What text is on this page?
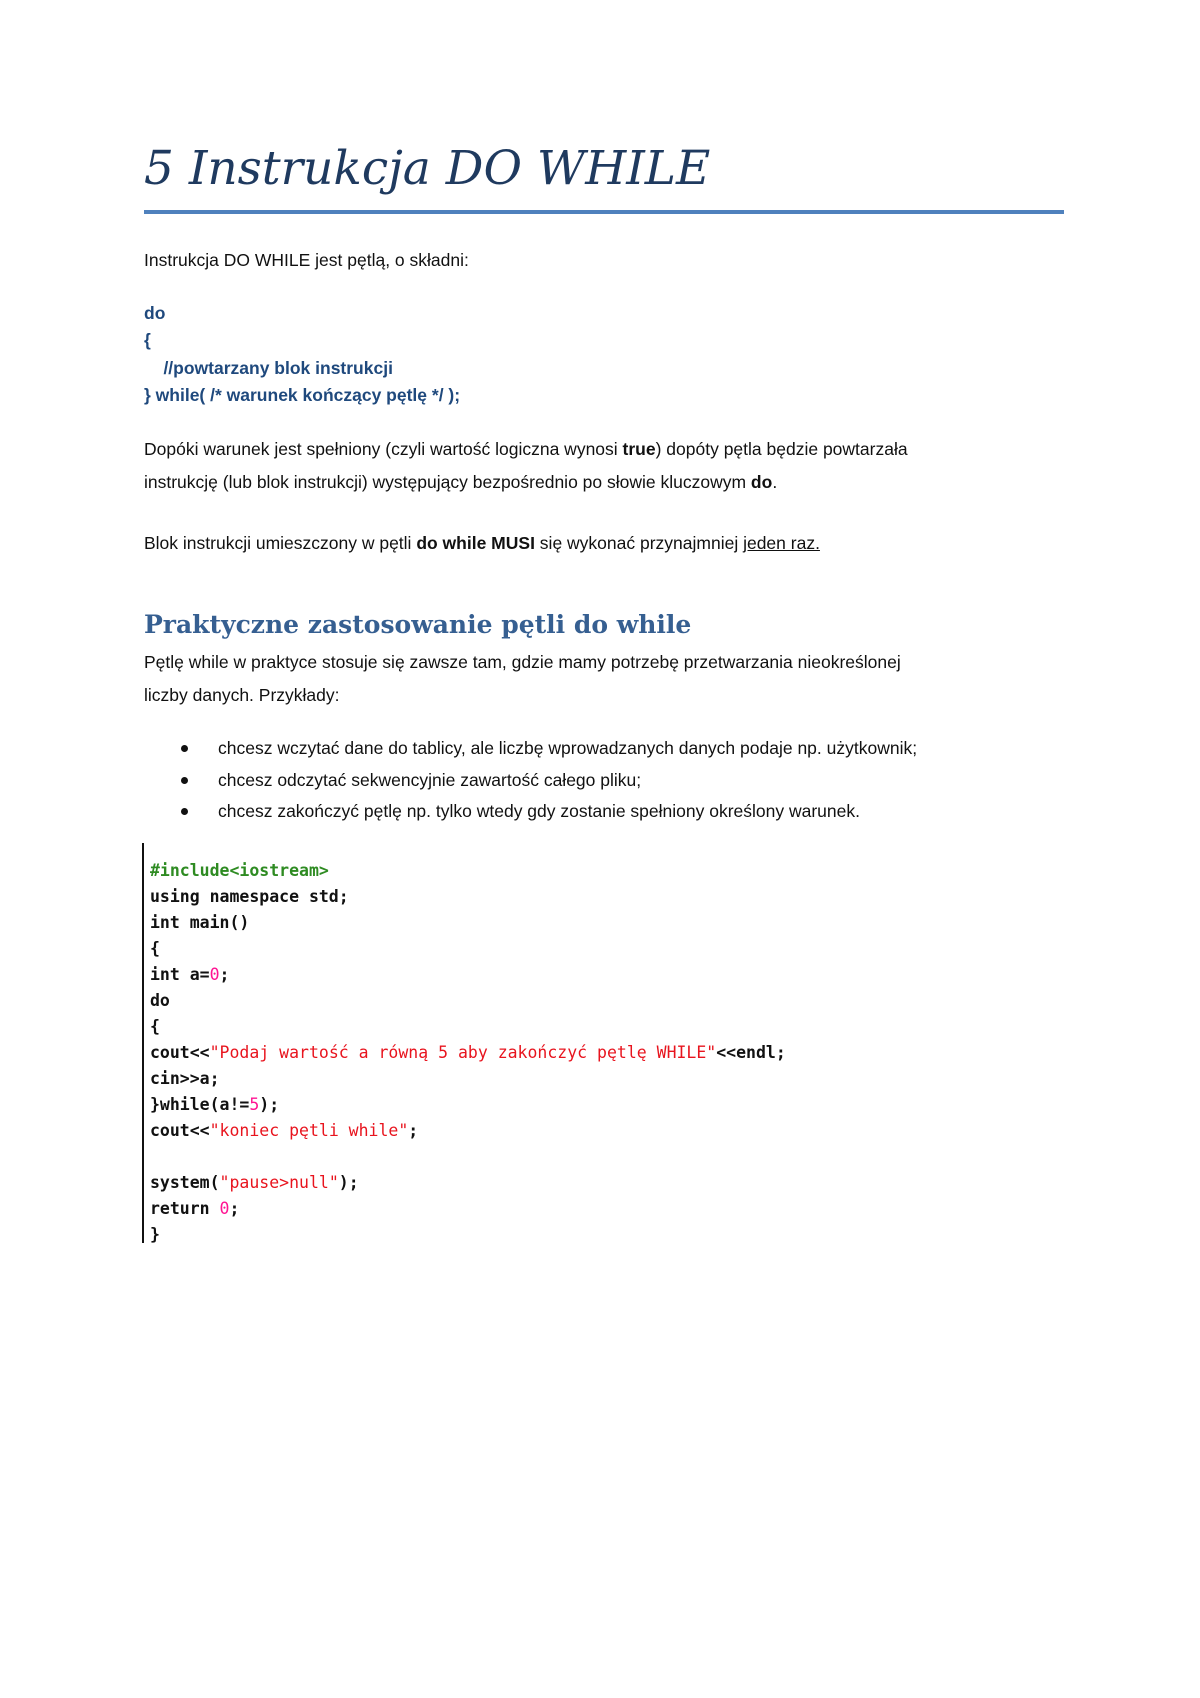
5 Instrukcja DO WHILE

Instrukcja DO WHILE jest pętlą, o składni:

do

{

//powtarzany blok instrukcji

} while( /* warunek kończący pętlę */ );

Dopóki warunek jest spełniony (czyli wartość logiczna wynosi true) dopóty pętla będzie powtarzała

instrukcję (lub blok instrukcji) występujący bezpośrednio po słowie kluczowym do.

Blok instrukcji umieszczony w pętli do while MUSI się wykonać przynajmniej jeden raz.

Praktyczne zastosowanie pętli do while

Pętlę while w praktyce stosuje się zawsze tam, gdzie mamy potrzebę przetwarzania nieokreślonej

liczby danych. Przykłady:

chcesz wczytać dane do tablicy, ale liczbę wprowadzanych danych podaje np. użytkownik;
chcesz odczytać sekwencyjnie zawartość całego pliku;
chcesz zakończyć pętlę np. tylko wtedy gdy zostanie spełniony określony warunek.
#include<iostream>
using namespace std;
int main()
{
int a=0;
do
{
cout<<"Podaj wartość a równą 5 aby zakończyć pętlę WHILE"<<endl;
cin>>a;
}while(a!=5);
cout<<"koniec pętli while";
system("pause>null");
return 0;
}
